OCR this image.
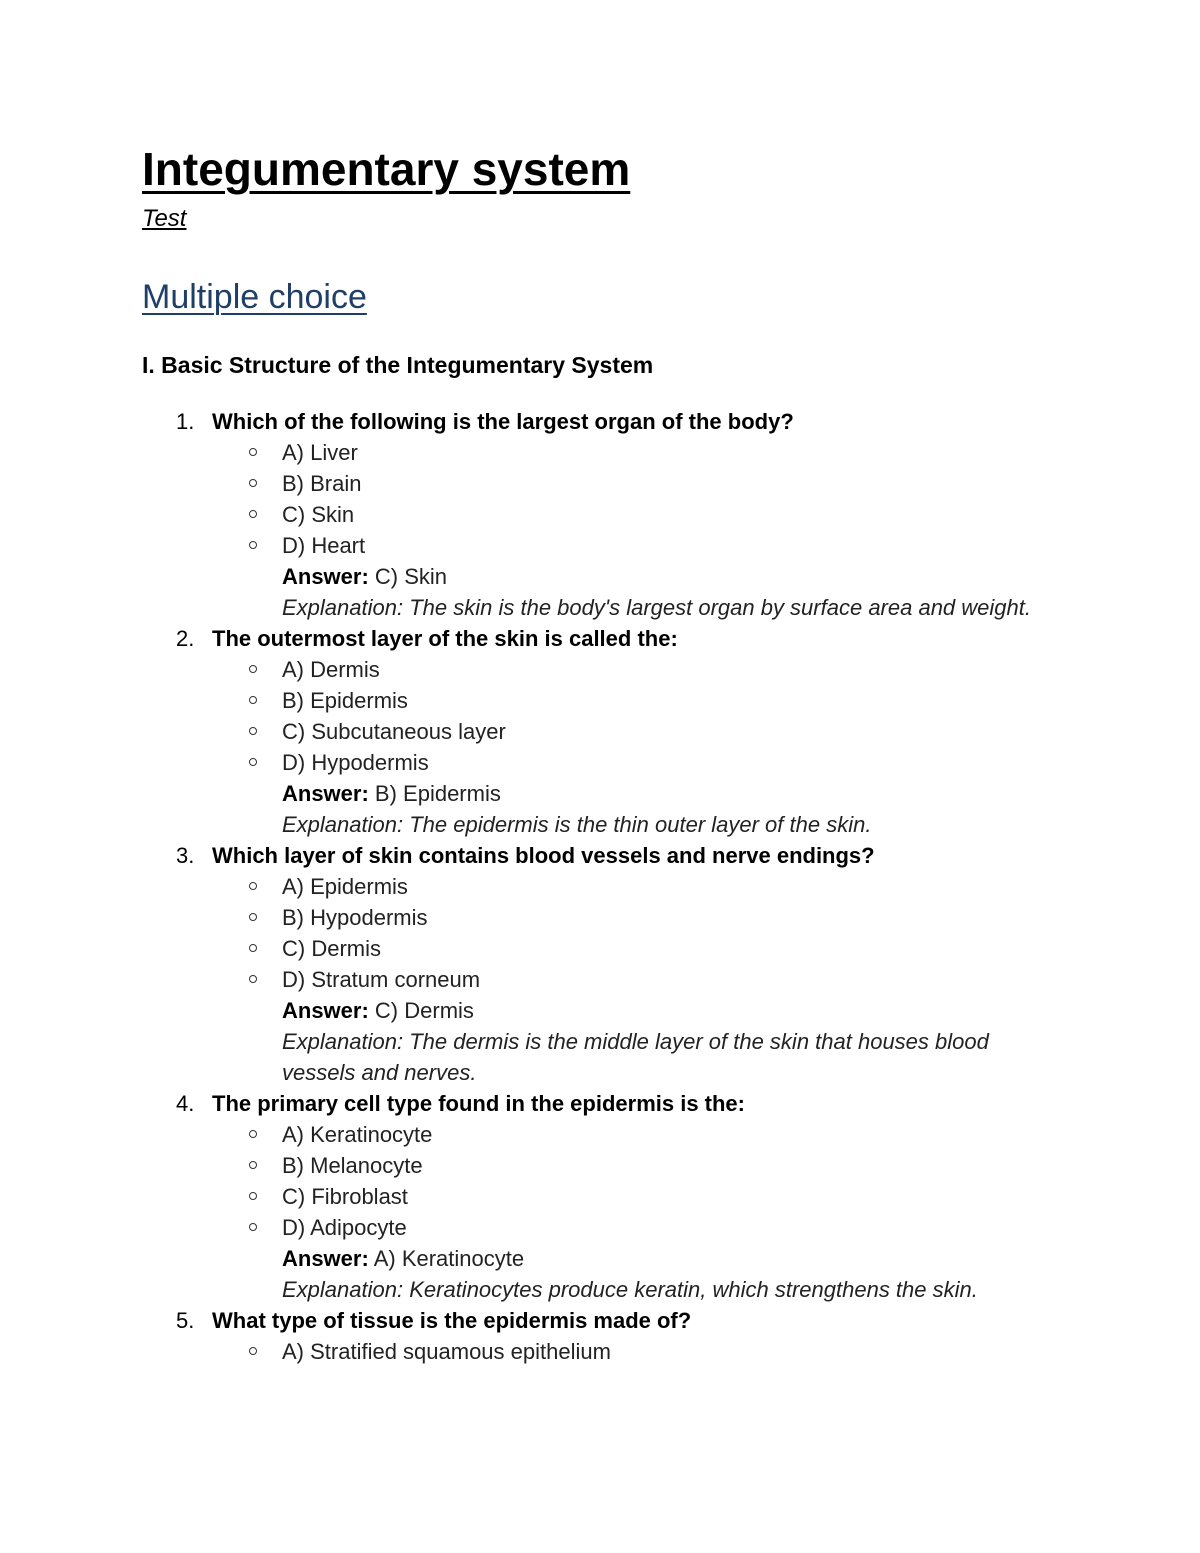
Integumentary system
Test
Multiple choice
I. Basic Structure of the Integumentary System
1. Which of the following is the largest organ of the body?
A) Liver
B) Brain
C) Skin
D) Heart
Answer: C) Skin
Explanation: The skin is the body's largest organ by surface area and weight.
2. The outermost layer of the skin is called the:
A) Dermis
B) Epidermis
C) Subcutaneous layer
D) Hypodermis
Answer: B) Epidermis
Explanation: The epidermis is the thin outer layer of the skin.
3. Which layer of skin contains blood vessels and nerve endings?
A) Epidermis
B) Hypodermis
C) Dermis
D) Stratum corneum
Answer: C) Dermis
Explanation: The dermis is the middle layer of the skin that houses blood vessels and nerves.
4. The primary cell type found in the epidermis is the:
A) Keratinocyte
B) Melanocyte
C) Fibroblast
D) Adipocyte
Answer: A) Keratinocyte
Explanation: Keratinocytes produce keratin, which strengthens the skin.
5. What type of tissue is the epidermis made of?
A) Stratified squamous epithelium
